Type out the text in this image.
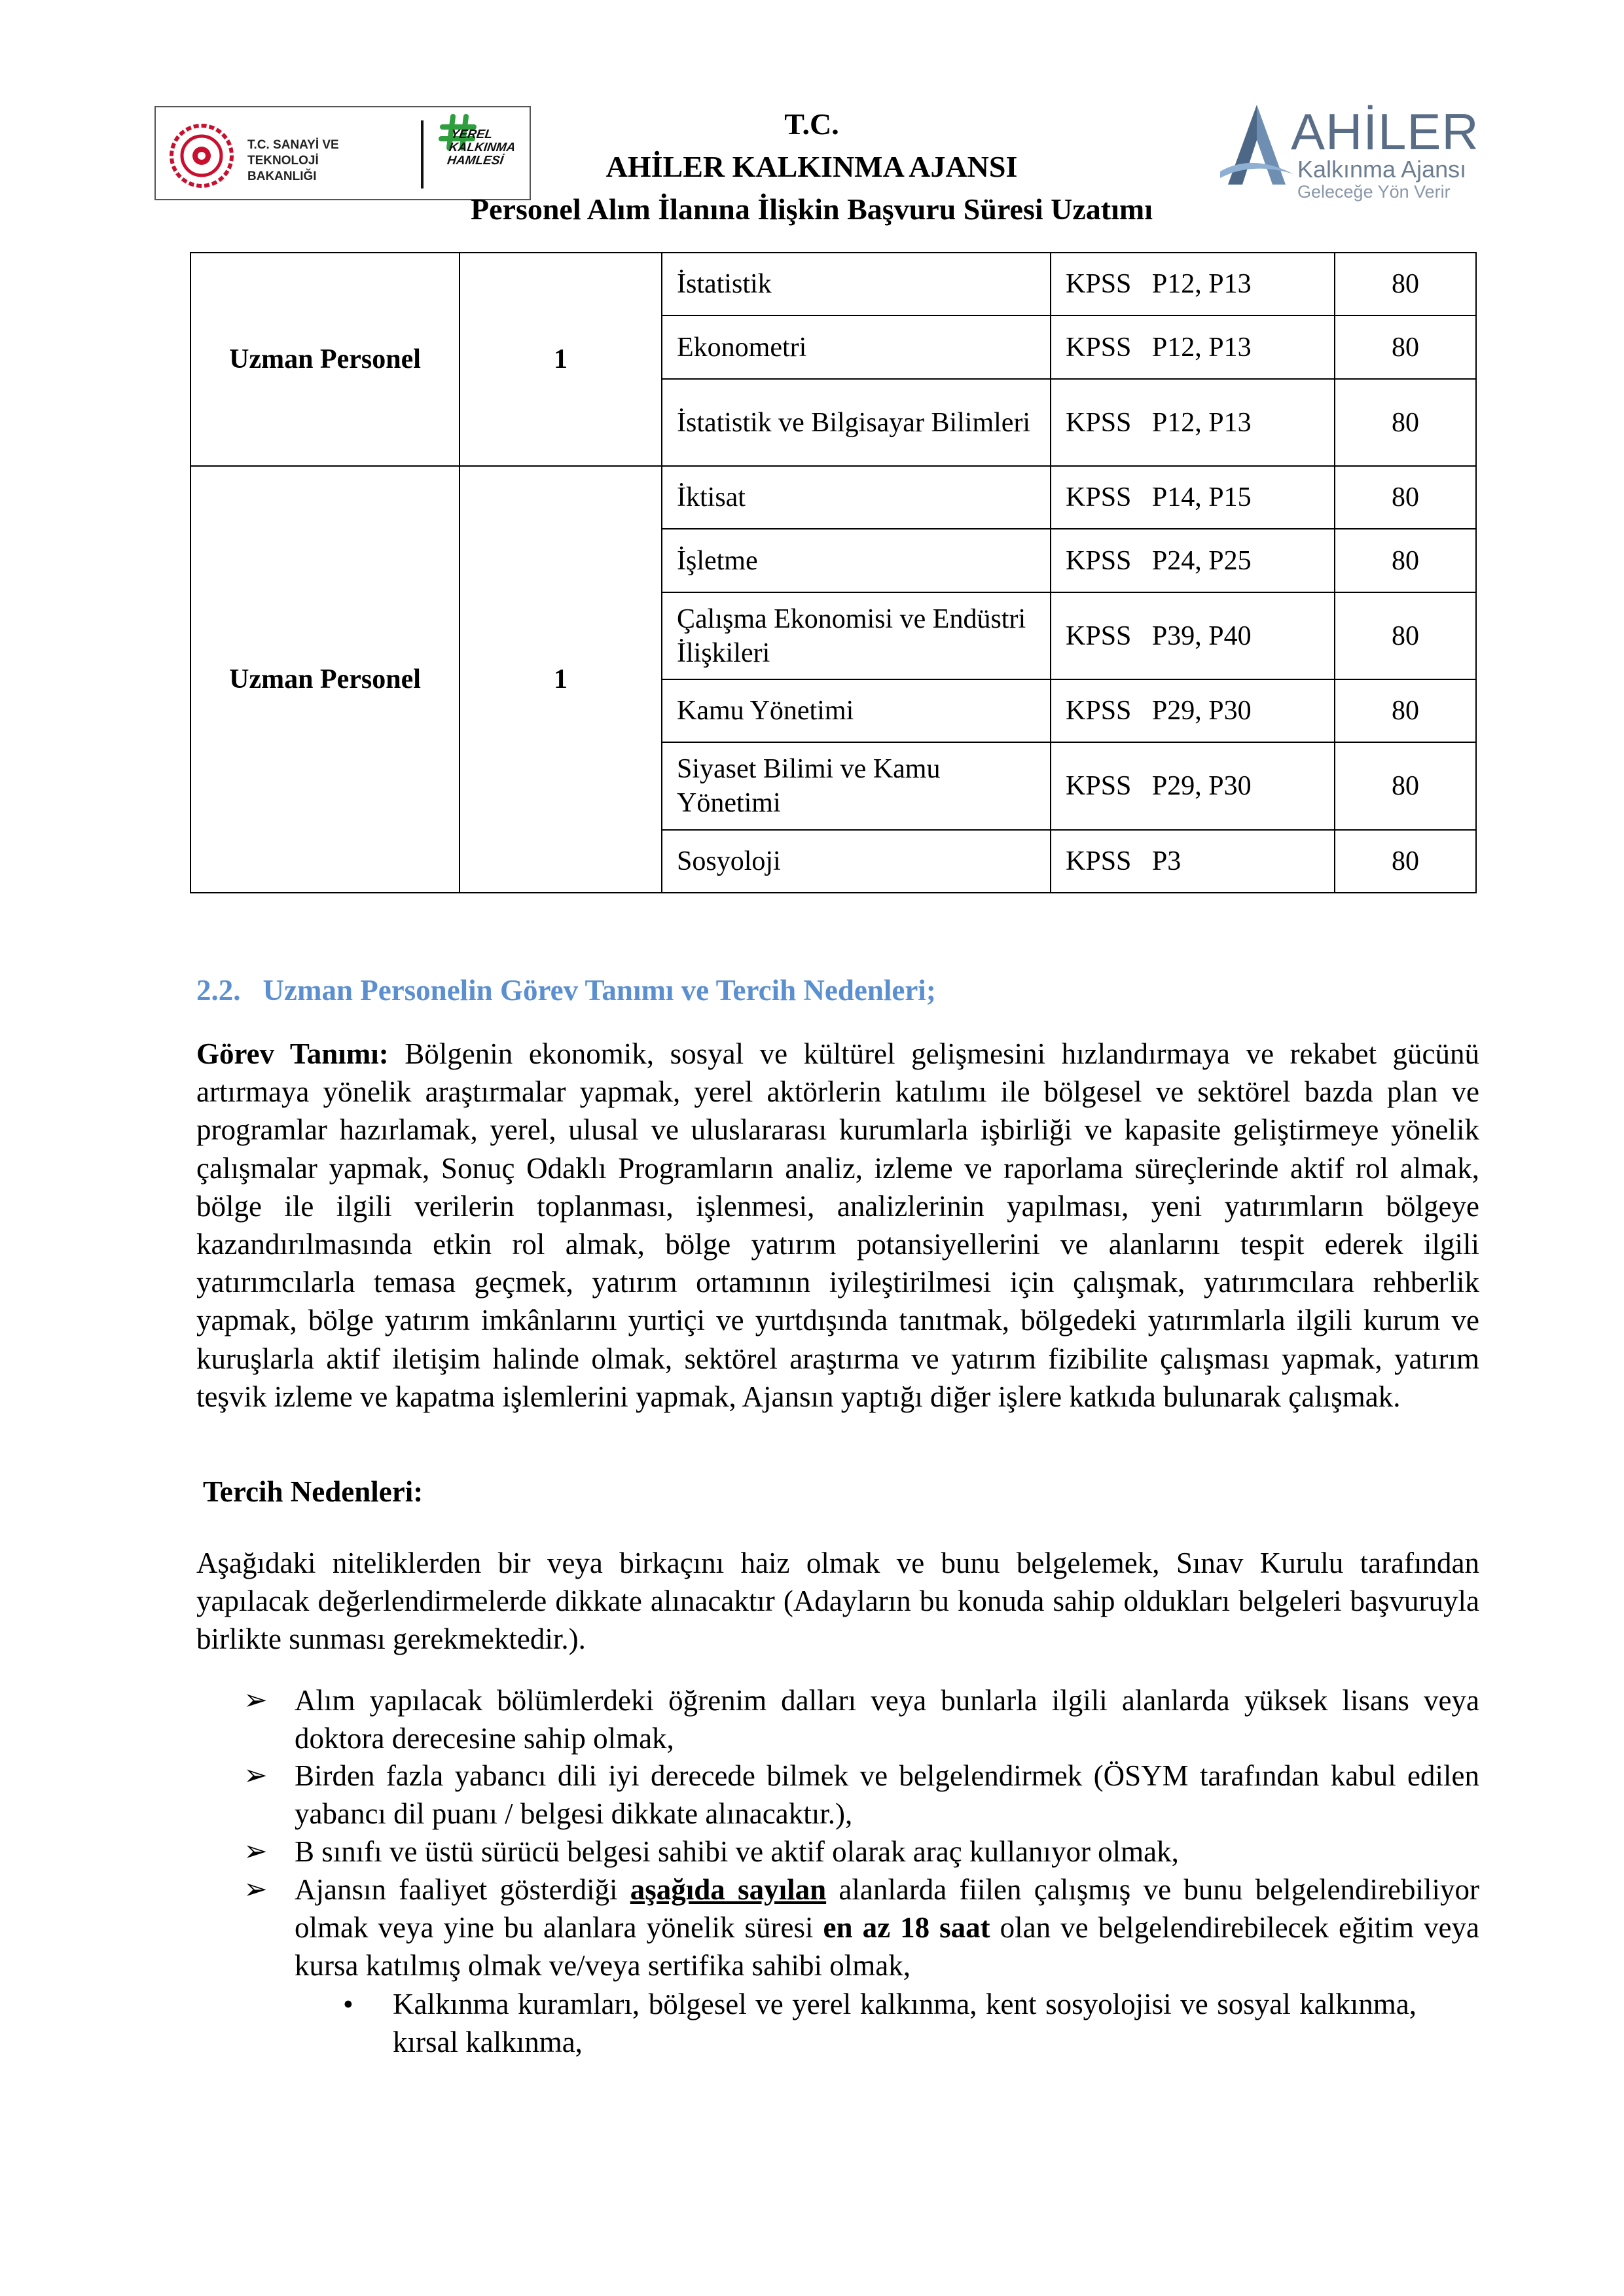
T.C. SANAYİ VE
TEKNOLOJİ BAKANLIĞI
YEREL
KALKINMA
HAMLESİ
T.C.
AHİLER KALKINMA AJANSI
Personel Alım İlanına İlişkin Başvuru Süresi Uzatımı
AHİLER
Kalkınma Ajansı
Geleceğe Yön Verir
Uzman Personel	1	İstatistik	KPSS   P12, P13	80
		Ekonometri	KPSS   P12, P13	80
		İstatistik ve Bilgisayar Bilimleri	KPSS   P12, P13	80
Uzman Personel	1	İktisat	KPSS   P14, P15	80
		İşletme	KPSS   P24, P25	80
		Çalışma Ekonomisi ve Endüstri İlişkileri	KPSS   P39, P40	80
		Kamu Yönetimi	KPSS   P29, P30	80
		Siyaset Bilimi ve Kamu Yönetimi	KPSS   P29, P30	80
		Sosyoloji	KPSS   P3	80
2.2. Uzman Personelin Görev Tanımı ve Tercih Nedenleri;
Görev Tanımı: Bölgenin ekonomik, sosyal ve kültürel gelişmesini hızlandırmaya ve rekabet gücünü artırmaya yönelik araştırmalar yapmak, yerel aktörlerin katılımı ile bölgesel ve sektörel bazda plan ve programlar hazırlamak, yerel, ulusal ve uluslararası kurumlarla işbirliği ve kapasite geliştirmeye yönelik çalışmalar yapmak, Sonuç Odaklı Programların analiz, izleme ve raporlama süreçlerinde aktif rol almak, bölge ile ilgili verilerin toplanması, işlenmesi, analizlerinin yapılması, yeni yatırımların bölgeye kazandırılmasında etkin rol almak, bölge yatırım potansiyellerini ve alanlarını tespit ederek ilgili yatırımcılarla temasa geçmek, yatırım ortamının iyileştirilmesi için çalışmak, yatırımcılara rehberlik yapmak, bölge yatırım imkânlarını yurtiçi ve yurtdışında tanıtmak, bölgedeki yatırımlarla ilgili kurum ve kuruşlarla aktif iletişim halinde olmak, sektörel araştırma ve yatırım fizibilite çalışması yapmak, yatırım teşvik izleme ve kapatma işlemlerini yapmak, Ajansın yaptığı diğer işlere katkıda bulunarak çalışmak.
Tercih Nedenleri:
Aşağıdaki niteliklerden bir veya birkaçını haiz olmak ve bunu belgelemek, Sınav Kurulu tarafından yapılacak değerlendirmelerde dikkate alınacaktır (Adayların bu konuda sahip oldukları belgeleri başvuruyla birlikte sunması gerekmektedir.).
➢ Alım yapılacak bölümlerdeki öğrenim dalları veya bunlarla ilgili alanlarda yüksek lisans veya doktora derecesine sahip olmak,
➢ Birden fazla yabancı dili iyi derecede bilmek ve belgelendirmek (ÖSYM tarafından kabul edilen yabancı dil puanı / belgesi dikkate alınacaktır.),
➢ B sınıfı ve üstü sürücü belgesi sahibi ve aktif olarak araç kullanıyor olmak,
➢ Ajansın faaliyet gösterdiği aşağıda sayılan alanlarda fiilen çalışmış ve bunu belgelendirebiliyor olmak veya yine bu alanlara yönelik süresi en az 18 saat olan ve belgelendirebilecek eğitim veya kursa katılmış olmak ve/veya sertifika sahibi olmak,
• Kalkınma kuramları, bölgesel ve yerel kalkınma, kent sosyolojisi ve sosyal kalkınma, kırsal kalkınma,
